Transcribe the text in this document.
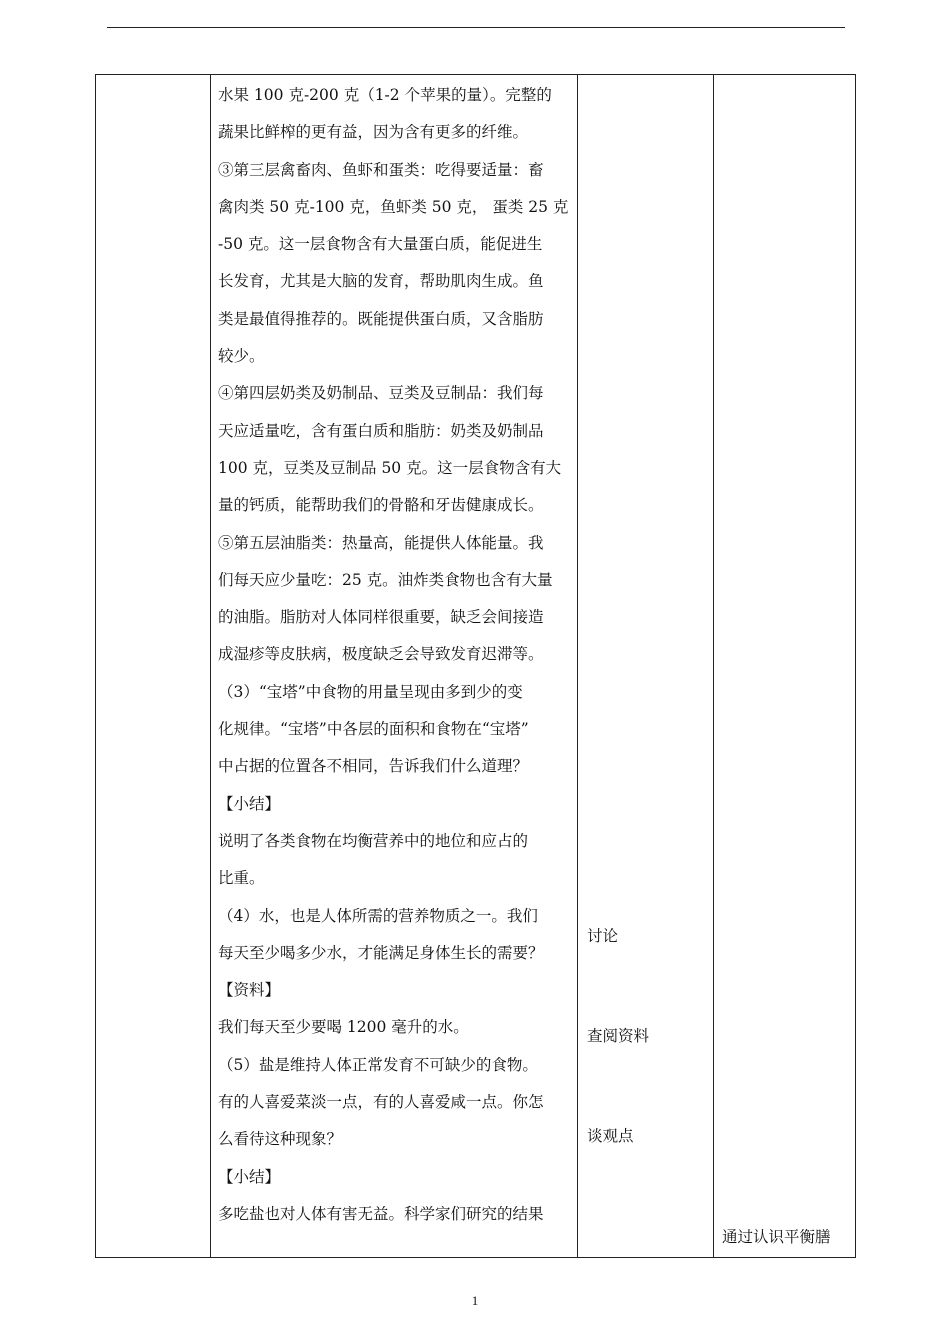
水果 100 克-200 克（1-2 个苹果的量）。完整的

蔬果比鲜榨的更有益，因为含有更多的纤维。

③第三层禽畜肉、鱼虾和蛋类：吃得要适量：畜

禽肉类 50 克-100 克，鱼虾类 50 克， 蛋类 25 克

-50 克。这一层食物含有大量蛋白质，能促进生

长发育，尤其是大脑的发育，帮助肌肉生成。鱼

类是最值得推荐的。既能提供蛋白质，又含脂肪

较少。

④第四层奶类及奶制品、豆类及豆制品：我们每

天应适量吃，含有蛋白质和脂肪：奶类及奶制品

100 克，豆类及豆制品 50 克。这一层食物含有大

量的钙质，能帮助我们的骨骼和牙齿健康成长。

⑤第五层油脂类：热量高，能提供人体能量。我

们每天应少量吃：25 克。油炸类食物也含有大量

的油脂。脂肪对人体同样很重要，缺乏会间接造

成湿疹等皮肤病，极度缺乏会导致发育迟滞等。

（3）“宝塔”中食物的用量呈现由多到少的变

化规律。“宝塔”中各层的面积和食物在“宝塔”

中占据的位置各不相同，告诉我们什么道理？

【小结】

说明了各类食物在均衡营养中的地位和应占的

比重。

（4）水，也是人体所需的营养物质之一。我们

每天至少喝多少水，才能满足身体生长的需要？

【资料】

我们每天至少要喝 1200 毫升的水。

（5）盐是维持人体正常发育不可缺少的食物。

有的人喜爱菜淡一点，有的人喜爱咸一点。你怎

么看待这种现象？

【小结】

多吃盐也对人体有害无益。科学家们研究的结果

讨论
查阅资料
谈观点
通过认识平衡膳
1
